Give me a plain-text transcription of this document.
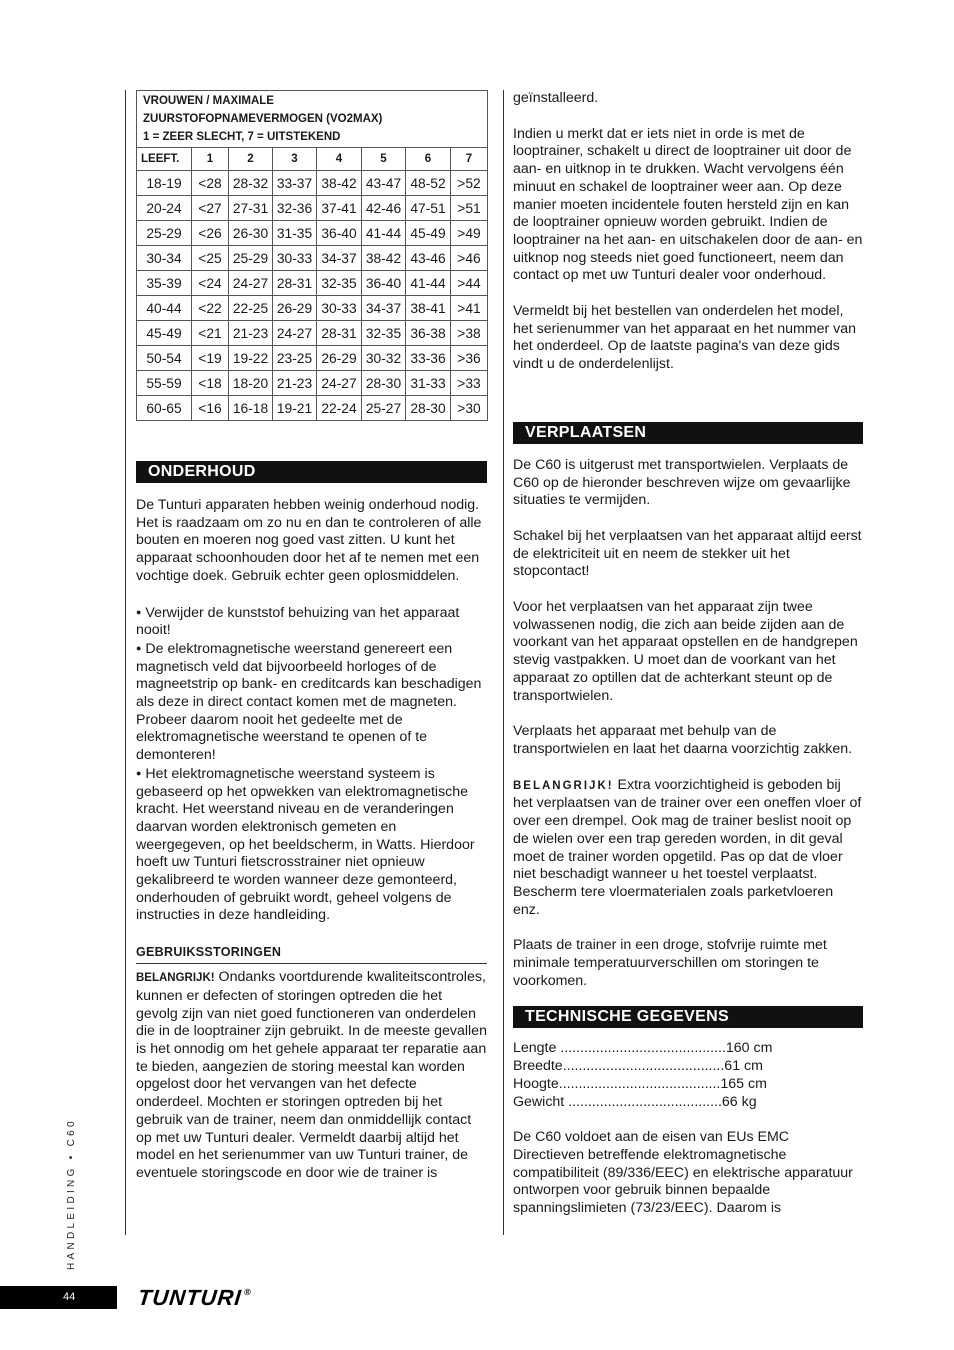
VROUWEN / MAXIMALE
ZUURSTOFOPNAMEVERMOGEN (VO2MAX)
1 = ZEER SLECHT, 7 = UITSTEKEND							

LEEFT.	1	2	3	4	5	6	7
18-19	<28	28-32	33-37	38-42	43-47	48-52	>52
20-24	<27	27-31	32-36	37-41	42-46	47-51	>51
25-29	<26	26-30	31-35	36-40	41-44	45-49	>49
30-34	<25	25-29	30-33	34-37	38-42	43-46	>46
35-39	<24	24-27	28-31	32-35	36-40	41-44	>44
40-44	<22	22-25	26-29	30-33	34-37	38-41	>41
45-49	<21	21-23	24-27	28-31	32-35	36-38	>38
50-54	<19	19-22	23-25	26-29	30-32	33-36	>36
55-59	<18	18-20	21-23	24-27	28-30	31-33	>33
60-65	<16	16-18	19-21	22-24	25-27	28-30	>30
ONDERHOUD

De Tunturi apparaten hebben weinig onderhoud nodig. Het is raadzaam om zo nu en dan te controleren of alle bouten en moeren nog goed vast zitten. U kunt het

apparaat schoonhouden door het af te nemen met een vochtige doek. Gebruik echter geen oplosmiddelen.

● Verwijder de kunststof behuizing van het apparaat nooit!

● De elektromagnetische weerstand genereert een magnetisch veld dat bijvoorbeeld horloges of de magneetstrip op bank- en creditcards kan beschadigen als deze in direct contact komen met de magneten. Probeer daarom nooit het gedeelte met de elektromagnetische weerstand te openen of te demonteren!

● Het elektromagnetische weerstand systeem is gebaseerd op het opwekken van elektromagnetische kracht. Het weerstand niveau en de veranderingen daarvan worden elektronisch gemeten en weergegeven, op het beeldscherm, in Watts. Hierdoor hoeft uw Tunturi fietscrosstrainer niet opnieuw gekalibreerd te worden wanneer deze gemonteerd, onderhouden of gebruikt wordt, geheel volgens de instructies in deze handleiding.

GEBRUIKSSTORINGEN

BELANGRIJK! Ondanks voortdurende kwaliteitscontroles, kunnen er defecten of storingen optreden die het gevolg zijn van niet goed functioneren van onderdelen die in de looptrainer zijn gebruikt. In de meeste gevallen is het onnodig om het gehele apparaat ter reparatie aan te bieden, aangezien de storing meestal kan worden opgelost door het vervangen van het defecte onderdeel. Mochten er storingen optreden bij het gebruik van de trainer, neem dan onmiddellijk contact op met uw Tunturi dealer. Vermeldt daarbij altijd het model en het serienummer van uw Tunturi trainer, de eventuele storingscode en door wie de trainer is

geïnstalleerd.

Indien u merkt dat er iets niet in orde is met de looptrainer, schakelt u direct de looptrainer uit door de aan- en uitknop in te drukken. Wacht vervolgens één minuut en schakel de looptrainer weer aan. Op deze manier moeten incidentele fouten hersteld zijn en kan de looptrainer opnieuw worden gebruikt. Indien de looptrainer na het aan- en uitschakelen door de aan- en uitknop nog steeds niet goed functioneert, neem dan contact op met uw Tunturi dealer voor onderhoud.

Vermeldt bij het bestellen van onderdelen het model, het serienummer van het apparaat en het nummer van het onderdeel. Op de laatste pagina's van deze gids vindt u de onderdelenlijst.

VERPLAATSEN

De C60 is uitgerust met transportwielen. Verplaats de C60 op de hieronder beschreven wijze om gevaarlijke situaties te vermijden.

Schakel bij het verplaatsen van het apparaat altijd eerst de elektriciteit uit en neem de stekker uit het stopcontact!

Voor het verplaatsen van het apparaat zijn twee volwassenen nodig, die zich aan beide zijden aan de voorkant van het apparaat opstellen en de handgrepen stevig vastpakken. U moet dan de voorkant van het apparaat zo optillen dat de achterkant steunt op de transportwielen.

Verplaats het apparaat met behulp van de transportwielen en laat het daarna voorzichtig zakken.

BELANGRIJK! Extra voorzichtigheid is geboden bij het verplaatsen van de trainer over een oneffen vloer of over een drempel. Ook mag de trainer beslist nooit op de wielen over een trap gereden worden, in dit geval moet de trainer worden opgetild. Pas op dat de vloer niet beschadigt wanneer u het toestel verplaatst. Bescherm tere vloermaterialen zoals parketvloeren enz.

Plaats de trainer in een droge, stofvrije ruimte met minimale temperatuurverschillen om storingen te voorkomen.

TECHNISCHE GEGEVENS
Lengte ..........................................160 cm
Breedte.........................................61 cm
Hoogte.........................................165 cm
Gewicht .......................................66 kg

De C60 voldoet aan de eisen van EUs EMC Directieven betreffende elektromagnetische compatibiliteit (89/336/EEC) en elektrische apparatuur ontworpen voor gebruik binnen bepaalde spanningslimieten (73/23/EEC). Daarom is

HANDLEIDING • C60
44	TUNTURI®
